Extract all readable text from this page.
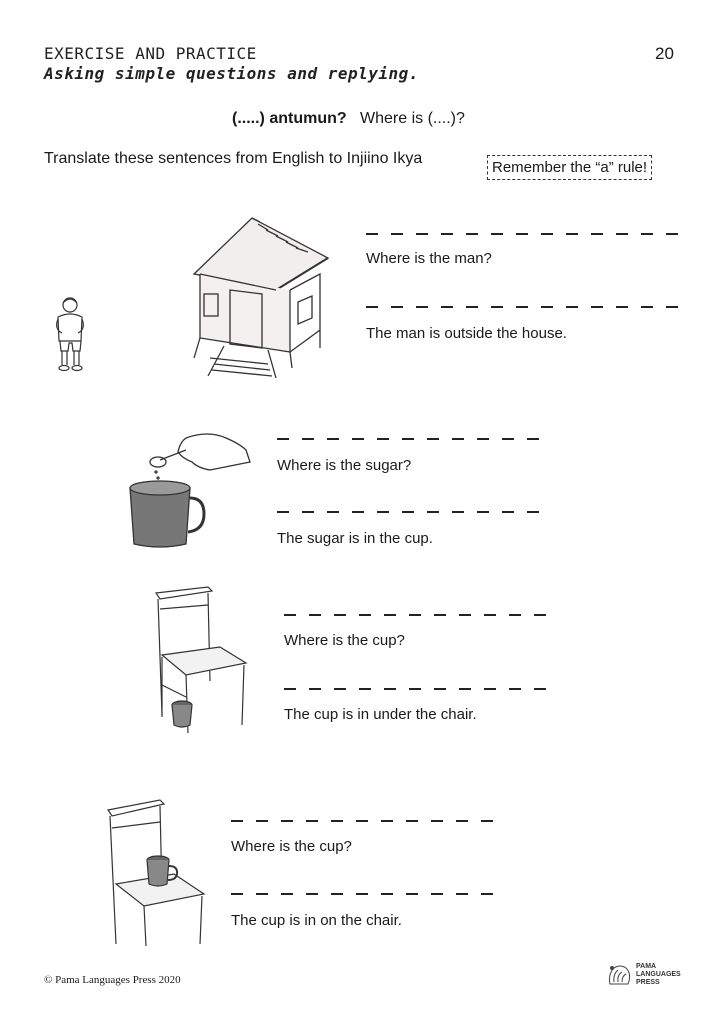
EXERCISE AND PRACTICE
Asking simple questions and replying.
20
(.....) antumun? Where is (....)?
Translate these sentences from English to Injiino Ikya
Remember the “a” rule!
Where is the man?
The man is outside the house.
Where is the sugar?
The sugar is in the cup.
Where is the cup?
The cup is in under the chair.
Where is the cup?
The cup is in on the chair.
© Pama Languages Press 2020
PAMA
LANGUAGES
PRESS
